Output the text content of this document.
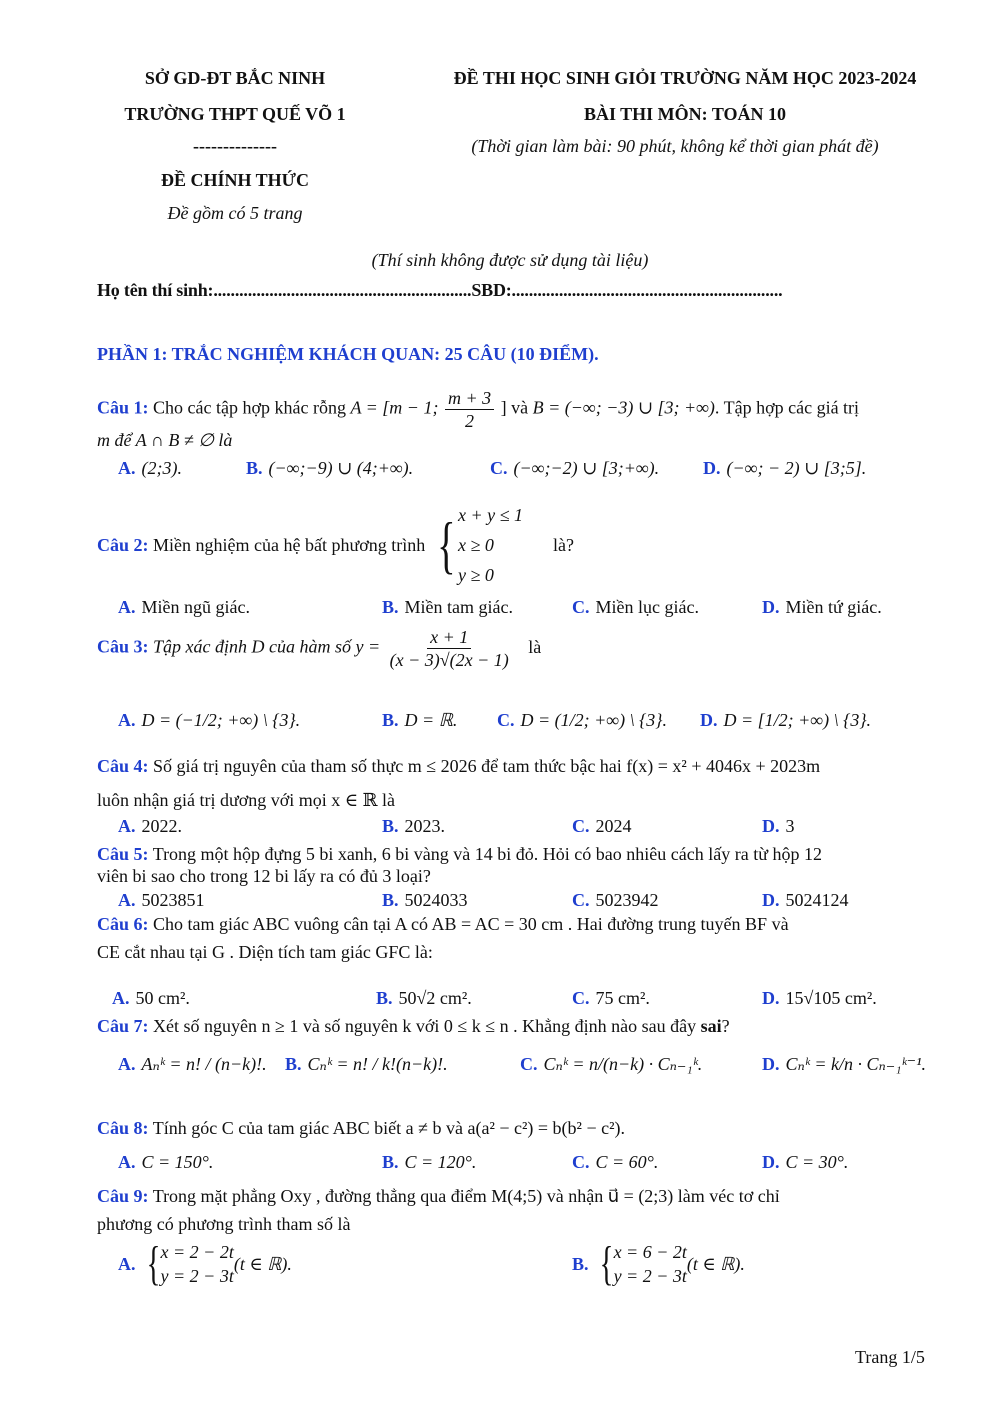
SỞ GD-ĐT BẮC NINH	ĐỀ THI HỌC SINH GIỎI TRƯỜNG NĂM HỌC 2023-2024
TRƯỜNG THPT QUẾ VÕ 1	BÀI THI MÔN: TOÁN 10
--------------	(Thời gian làm bài: 90 phút, không kể thời gian phát đề)
ĐỀ CHÍNH THỨC
Đề gồm có 5 trang
(Thí sinh không được sử dụng tài liệu)
Họ tên thí sinh:............................................................SBD:...............................................................
PHẦN 1: TRẮC NGHIỆM KHÁCH QUAN: 25 CÂU (10 ĐIỂM).
Câu 1: Cho các tập hợp khác rỗng A = [m − 1; $\frac{m + 3}{2}$ ] và B = (−∞; −3) ∪ [3; +∞). Tập hợp các giá trị
m để A ∩ B ≠ ∅ là
A. (2;3).	B. (−∞;−9) ∪ (4;+∞).	C. (−∞;−2) ∪ [3;+∞). D. (−∞; − 2) ∪ [3;5].
Câu 2: Miền nghiệm của hệ bất phương trình { x + y ≤ 1
x ≥ 0
y ≥ 0
là?
A. Miền ngũ giác.	B. Miền tam giác.	C. Miền lục giác.	D. Miền tứ giác.
Câu 3: Tập xác định D của hàm số $y = \frac{x + 1}{(x - 3)√(2x - 1)}$ là
A. D = (−1/2; +∞) \ {3}.	B. D = ℝ. C. D = (1/2; +∞) \ {3}. D. D = [1/2; +∞) \ {3}.
Câu 4: Số giá trị nguyên của tham số thực m ≤ 2026 để tam thức bậc hai f(x) = x² + 4046x + 2023m
luôn nhận giá trị dương với mọi x ∈ ℝ là
A. 2022.	B. 2023.	C. 2024	D. 3
Câu 5: Trong một hộp đựng 5 bi xanh, 6 bi vàng và 14 bi đỏ. Hỏi có bao nhiêu cách lấy ra từ hộp 12
viên bi sao cho trong 12 bi lấy ra có đủ 3 loại?
A. 5023851	B. 5024033	C. 5023942	D. 5024124
Câu 6: Cho tam giác ABC vuông cân tại A có AB = AC = 30 cm . Hai đường trung tuyến BF và
CE cắt nhau tại G . Diện tích tam giác GFC là:
A. 50 cm².	B. 50√2 cm².	C. 75 cm².	D. 15√105 cm².
Câu 7: Xét số nguyên n ≥ 1 và số nguyên k với 0 ≤ k ≤ n . Khẳng định nào sau đây sai?
A. Aₙᵏ = n! / (n−k)!. B. Cₙᵏ = n! / k!(n−k)!.	C. Cₙᵏ = n/(n−k) · Cₙ₋₁ᵏ.	D. Cₙᵏ = k/n · Cₙ₋₁ᵏ⁻¹.
Câu 8: Tính góc C của tam giác ABC biết a ≠ b và a(a² − c²) = b(b² − c²).
A. C = 150°.	B. C = 120°.	C. C = 60°.	D. C = 30°.
Câu 9: Trong mặt phẳng Oxy , đường thẳng qua điểm M(4;5) và nhận u⃗ = (2;3) làm véc tơ chỉ
phương có phương trình tham số là
A. { x = 2 − 2t
y = 2 − 3t
(t ∈ ℝ).	B. { x = 6 − 2t
y = 2 − 3t
(t ∈ ℝ).
Trang 1/5
